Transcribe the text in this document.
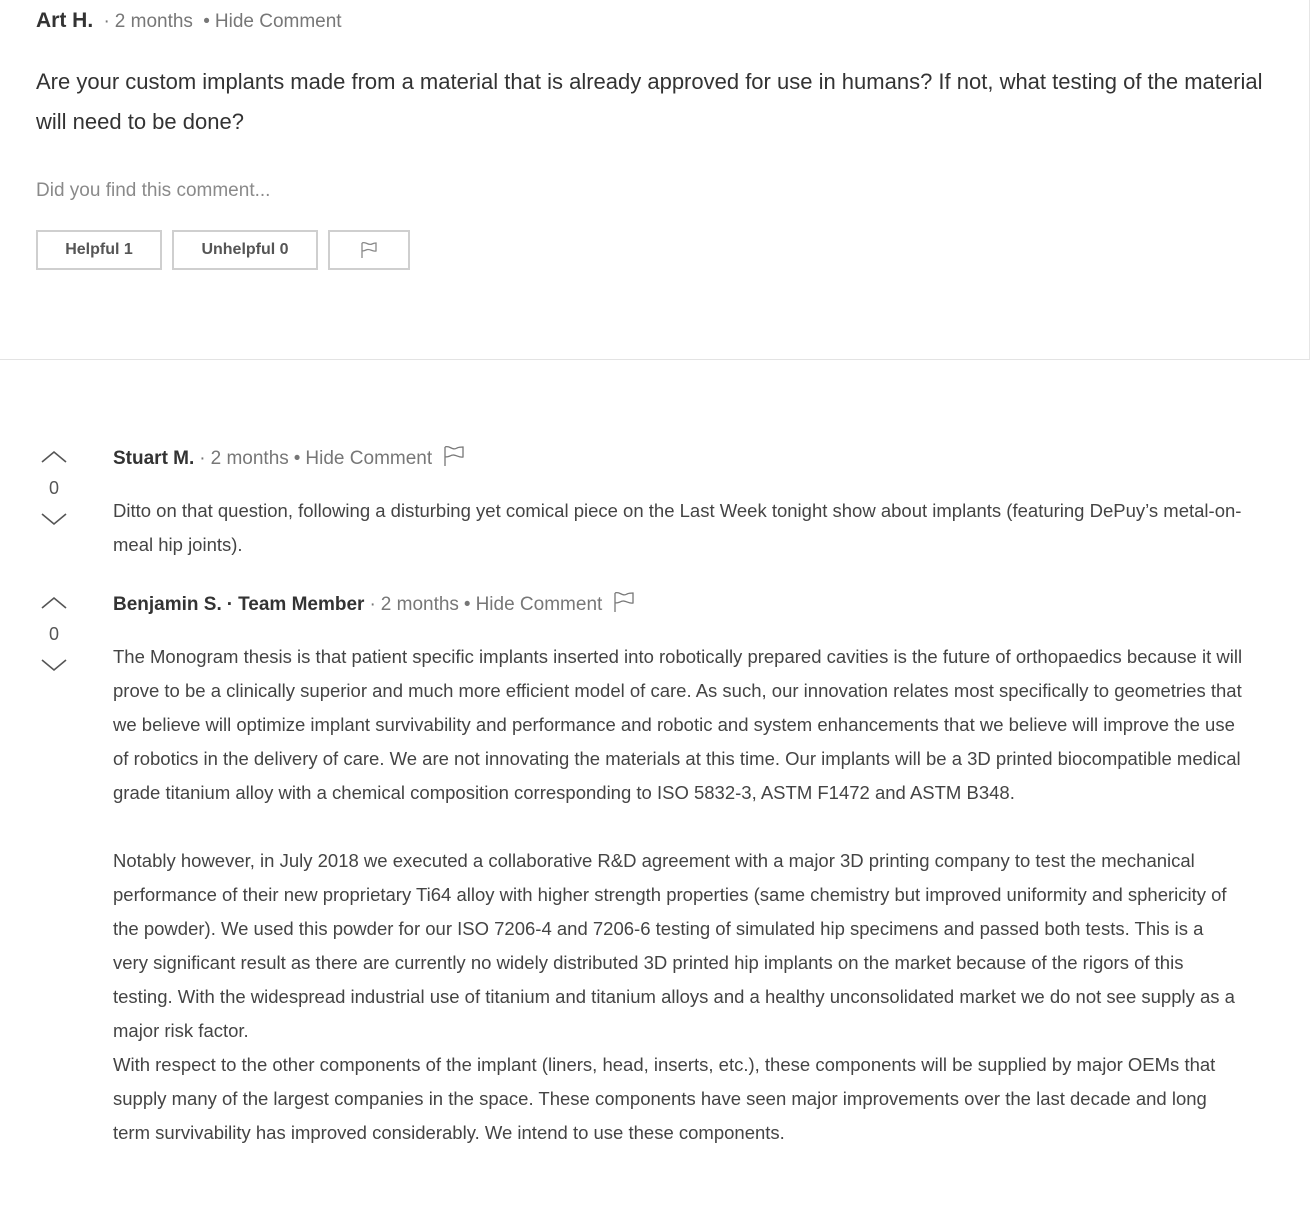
Art H. · 2 months • Hide Comment

Are your custom implants made from a material that is already approved for use in humans? If not, what testing of the material will need to be done?

Did you find this comment...
Helpful 1	Unhelpful 0
0
Stuart M. · 2 months • Hide Comment

Ditto on that question, following a disturbing yet comical piece on the Last Week tonight show about implants (featuring DePuy’s metal-on-meal hip joints).

0
Benjamin S. · Team Member · 2 months • Hide Comment

The Monogram thesis is that patient specific implants inserted into robotically prepared cavities is the future of orthopaedics because it will prove to be a clinically superior and much more efficient model of care. As such, our innovation relates most specifically to geometries that we believe will optimize implant survivability and performance and robotic and system enhancements that we believe will improve the use of robotics in the delivery of care. We are not innovating the materials at this time. Our implants will be a 3D printed biocompatible medical grade titanium alloy with a chemical composition corresponding to ISO 5832-3, ASTM F1472 and ASTM B348.

Notably however, in July 2018 we executed a collaborative R&D agreement with a major 3D printing company to test the mechanical performance of their new proprietary Ti64 alloy with higher strength properties (same chemistry but improved uniformity and sphericity of the powder). We used this powder for our ISO 7206-4 and 7206-6 testing of simulated hip specimens and passed both tests. This is a very significant result as there are currently no widely distributed 3D printed hip implants on the market because of the rigors of this testing. With the widespread industrial use of titanium and titanium alloys and a healthy unconsolidated market we do not see supply as a major risk factor.

With respect to the other components of the implant (liners, head, inserts, etc.), these components will be supplied by major OEMs that supply many of the largest companies in the space. These components have seen major improvements over the last decade and long term survivability has improved considerably. We intend to use these components.
